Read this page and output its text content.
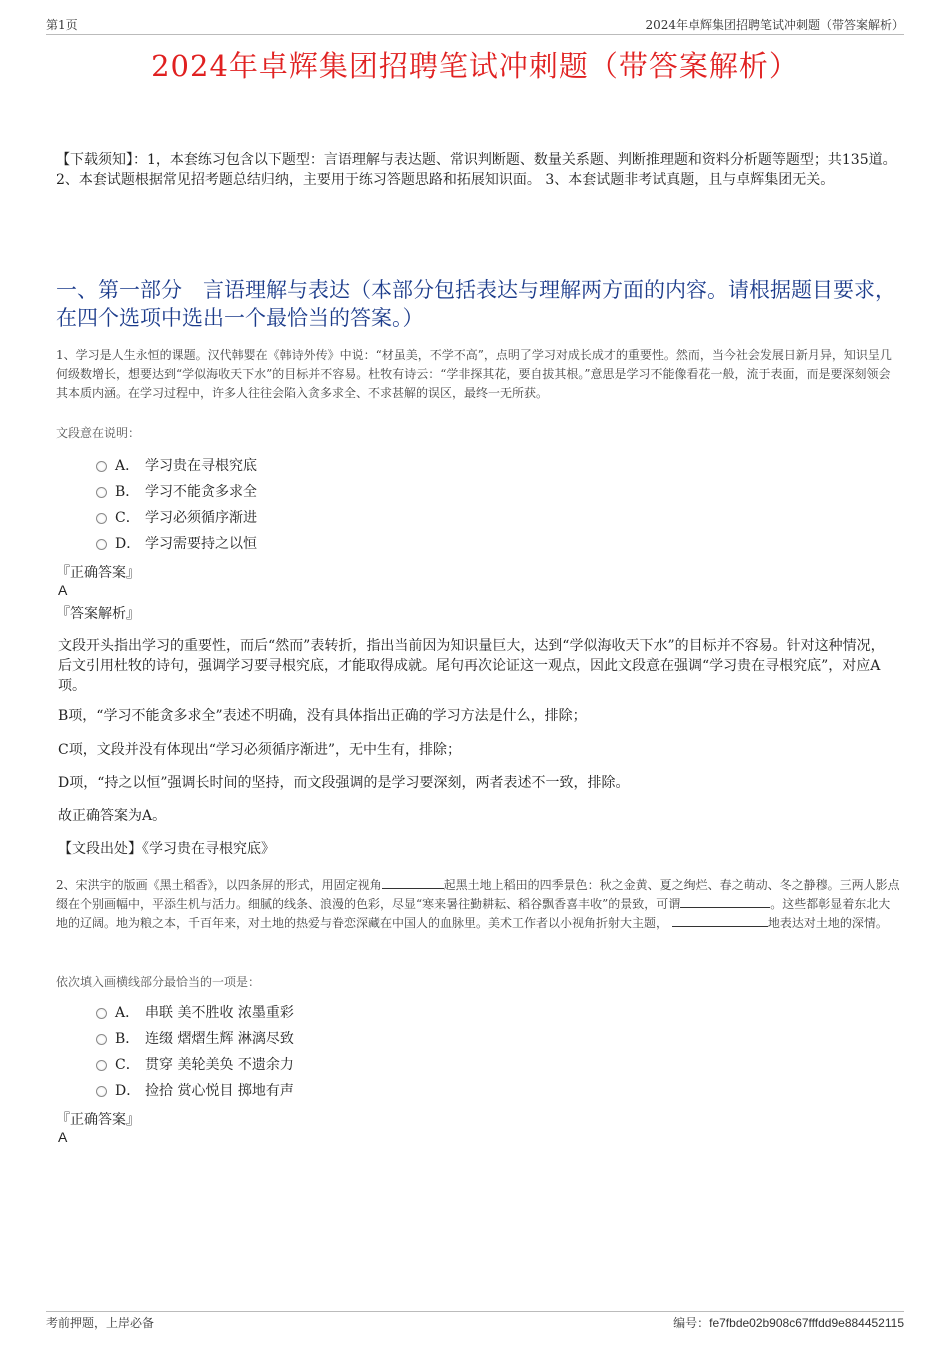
第1页	2024年卓辉集团招聘笔试冲刺题（带答案解析）
2024年卓辉集团招聘笔试冲刺题（带答案解析）
【下载须知】：1，本套练习包含以下题型：言语理解与表达题、常识判断题、数量关系题、判断推理题和资料分析题等题型；共135道。 2、本套试题根据常见招考题总结归纳，主要用于练习答题思路和拓展知识面。 3、本套试题非考试真题，且与卓辉集团无关。
一、第一部分　言语理解与表达（本部分包括表达与理解两方面的内容。请根据题目要求，在四个选项中选出一个最恰当的答案。）
1、学习是人生永恒的课题。汉代韩婴在《韩诗外传》中说：“材虽美，不学不高”，点明了学习对成长成才的重要性。然而，当今社会发展日新月异，知识呈几何级数增长，想要达到“学似海收天下水”的目标并不容易。杜牧有诗云：“学非探其花，要自拔其根。”意思是学习不能像看花一般，流于表面，而是要深刻领会其本质内涵。在学习过程中，许多人往往会陷入贪多求全、不求甚解的误区，最终一无所获。
文段意在说明：
A． 学习贵在寻根究底
B． 学习不能贪多求全
C． 学习必须循序渐进
D． 学习需要持之以恒
『正确答案』
A
『答案解析』
文段开头指出学习的重要性，而后“然而”表转折，指出当前因为知识量巨大，达到“学似海收天下水”的目标并不容易。针对这种情况，后文引用杜牧的诗句，强调学习要寻根究底，才能取得成就。尾句再次论证这一观点，因此文段意在强调“学习贵在寻根究底”，对应A项。
B项，“学习不能贪多求全”表述不明确，没有具体指出正确的学习方法是什么，排除；
C项，文段并没有体现出“学习必须循序渐进”，无中生有，排除；
D项，“持之以恒”强调长时间的坚持，而文段强调的是学习要深刻，两者表述不一致，排除。
故正确答案为A。
【文段出处】《学习贵在寻根究底》
2、宋洪宇的版画《黑土稻香》，以四条屏的形式，用固定视角	起黑土地上稻田的四季景色：秋之金黄、夏之绚烂、春之萌动、冬之静穆。三两人影点缀在个别画幅中，平添生机与活力。细腻的线条、浪漫的色彩，尽显“寒来暑往勤耕耘、稻谷飘香喜丰收”的景致，可谓	。这些都彰显着东北大地的辽阔。地为粮之本，千百年来，对土地的热爱与眷恋深藏在中国人的血脉里。美术工作者以小视角折射大主题，	地表达对土地的深情。
依次填入画横线部分最恰当的一项是：
A． 串联 美不胜收 浓墨重彩
B． 连缀 熠熠生辉 淋漓尽致
C． 贯穿 美轮美奂 不遗余力
D． 捡拾 赏心悦目 掷地有声
『正确答案』
A
考前押题，上岸必备	编号：fe7fbde02b908c67fffdd9e884452115
